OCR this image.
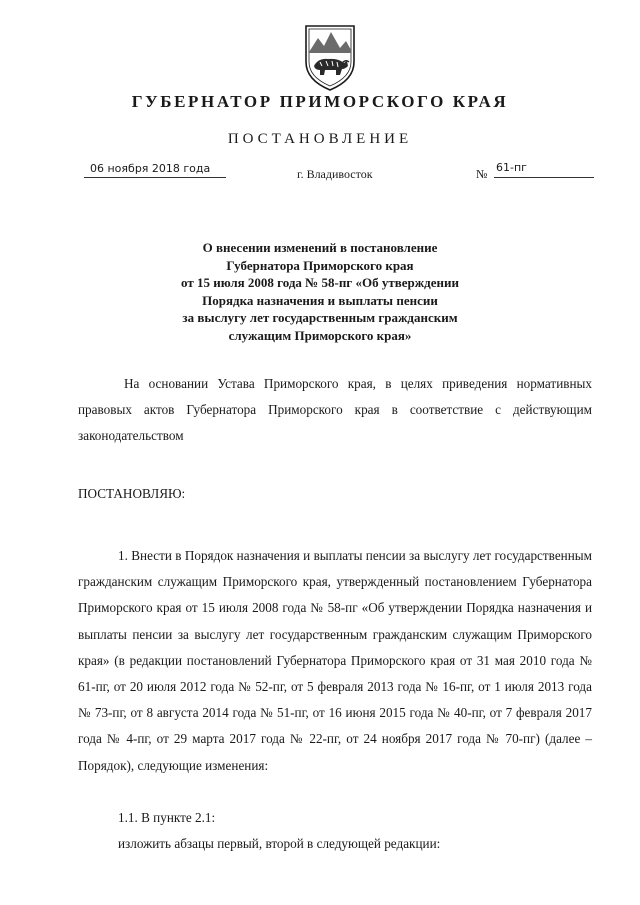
ГУБЕРНАТОР ПРИМОРСКОГО КРАЯ
ПОСТАНОВЛЕНИЕ
06 ноября 2018 года	г. Владивосток	№ 61-пг
О внесении изменений в постановление
Губернатора Приморского края
от 15 июля 2008 года № 58-пг «Об утверждении
Порядка назначения и выплаты пенсии
за выслугу лет государственным гражданским
служащим Приморского края»

На основании Устава Приморского края, в целях приведения нормативных правовых актов Губернатора Приморского края в соответствие с действующим законодательством

ПОСТАНОВЛЯЮ:

1. Внести в Порядок назначения и выплаты пенсии за выслугу лет государственным гражданским служащим Приморского края, утвержденный постановлением Губернатора Приморского края от 15 июля 2008 года № 58-пг «Об утверждении Порядка назначения и выплаты пенсии за выслугу лет государственным гражданским служащим Приморского края» (в редакции постановлений Губернатора Приморского края от 31 мая 2010 года № 61-пг, от 20 июля 2012 года № 52-пг, от 5 февраля 2013 года № 16-пг, от 1 июля 2013 года № 73-пг, от 8 августа 2014 года № 51-пг, от 16 июня 2015 года № 40-пг, от 7 февраля 2017 года № 4-пг, от 29 марта 2017 года № 22-пг, от 24 ноября 2017 года № 70-пг) (далее – Порядок), следующие изменения:

1.1. В пункте 2.1:

изложить абзацы первый, второй в следующей редакции:
